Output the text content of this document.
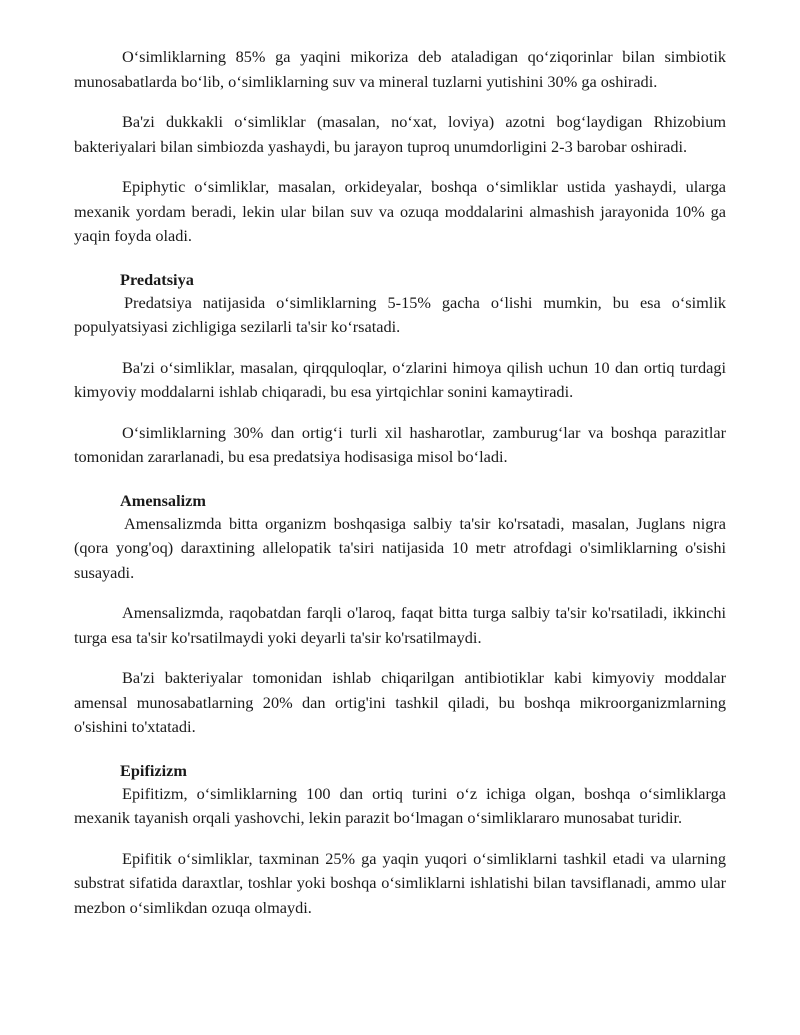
O‘simliklarning 85% ga yaqini mikoriza deb ataladigan qo‘ziqorinlar bilan simbiotik munosabatlarda bo‘lib, o‘simliklarning suv va mineral tuzlarni yutishini 30% ga oshiradi.

Ba'zi dukkakli o‘simliklar (masalan, no‘xat, loviya) azotni bog‘laydigan Rhizobium bakteriyalari bilan simbiozda yashaydi, bu jarayon tuproq unumdorligini 2-3 barobar oshiradi.

Epiphytic o‘simliklar, masalan, orkideyalar, boshqa o‘simliklar ustida yashaydi, ularga mexanik yordam beradi, lekin ular bilan suv va ozuqa moddalarini almashish jarayonida 10% ga yaqin foyda oladi.

Predatsiya

Predatsiya natijasida o‘simliklarning 5-15% gacha o‘lishi mumkin, bu esa o‘simlik populyatsiyasi zichligiga sezilarli ta'sir ko‘rsatadi.

Ba'zi o‘simliklar, masalan, qirqquloqlar, o‘zlarini himoya qilish uchun 10 dan ortiq turdagi kimyoviy moddalarni ishlab chiqaradi, bu esa yirtqichlar sonini kamaytiradi.

O‘simliklarning 30% dan ortig‘i turli xil hasharotlar, zamburug‘lar va boshqa parazitlar tomonidan zararlanadi, bu esa predatsiya hodisasiga misol bo‘ladi.

Amensalizm

Amensalizmda bitta organizm boshqasiga salbiy ta'sir ko'rsatadi, masalan, Juglans nigra (qora yong'oq) daraxtining allelopatik ta'siri natijasida 10 metr atrofdagi o'simliklarning o'sishi susayadi.

Amensalizmda, raqobatdan farqli o'laroq, faqat bitta turga salbiy ta'sir ko'rsatiladi, ikkinchi turga esa ta'sir ko'rsatilmaydi yoki deyarli ta'sir ko'rsatilmaydi.

Ba'zi bakteriyalar tomonidan ishlab chiqarilgan antibiotiklar kabi kimyoviy moddalar amensal munosabatlarning 20% dan ortig'ini tashkil qiladi, bu boshqa mikroorganizmlarning o'sishini to'xtatadi.

Epifizizm

Epifitizm, o‘simliklarning 100 dan ortiq turini o‘z ichiga olgan, boshqa o‘simliklarga mexanik tayanish orqali yashovchi, lekin parazit bo‘lmagan o‘simliklararo munosabat turidir.

Epifitik o‘simliklar, taxminan 25% ga yaqin yuqori o‘simliklarni tashkil etadi va ularning substrat sifatida daraxtlar, toshlar yoki boshqa o‘simliklarni ishlatishi bilan tavsiflanadi, ammo ular mezbon o‘simlikdan ozuqa olmaydi.
